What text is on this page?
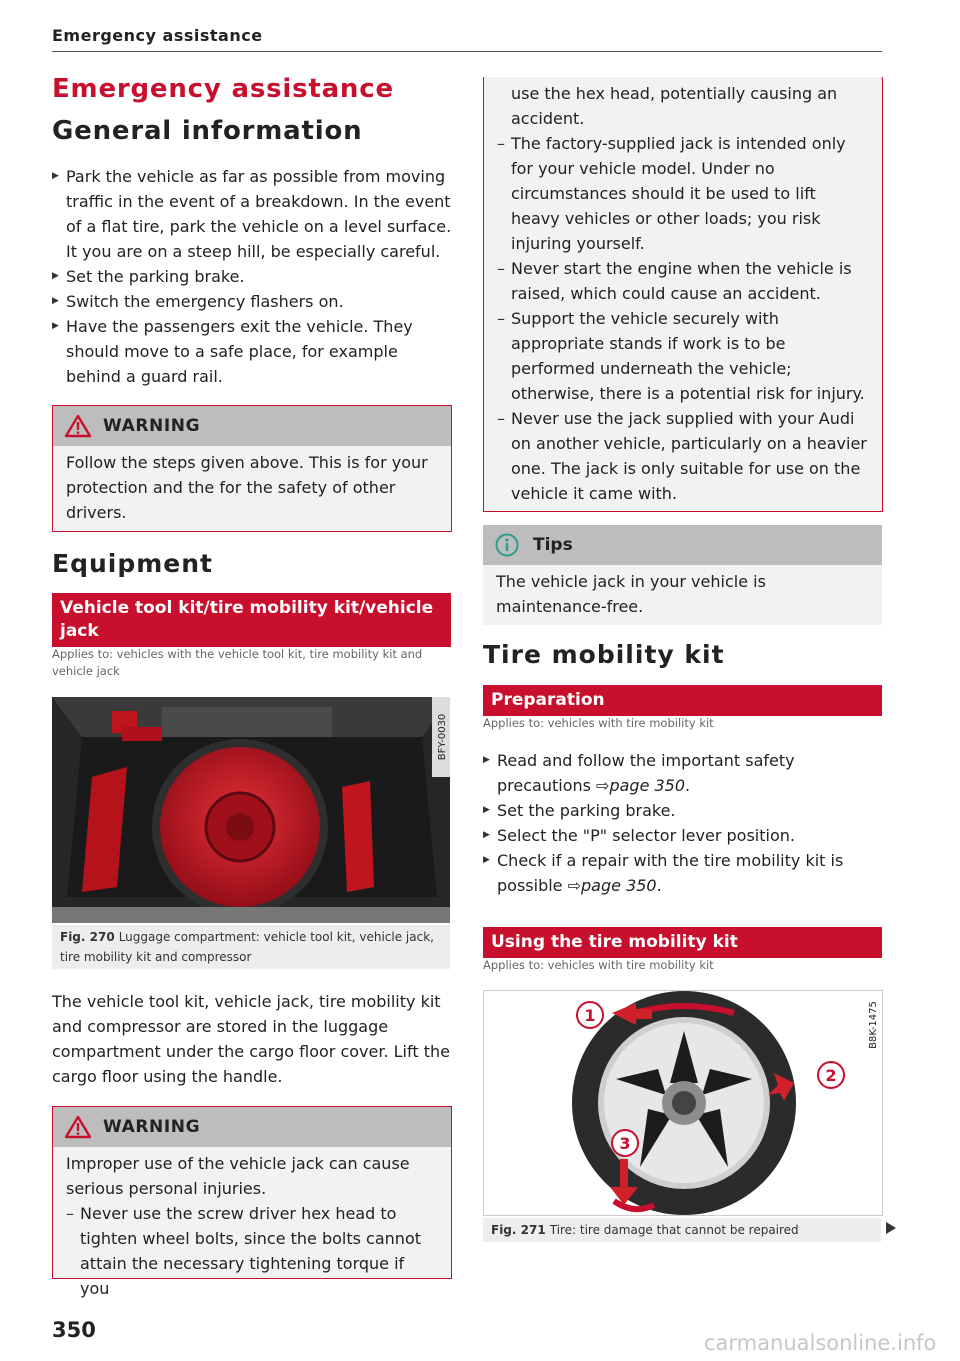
Emergency assistance
Emergency assistance
General information
▶ Park the vehicle as far as possible from moving traffic in the event of a breakdown. In the event of a flat tire, park the vehicle on a level surface. It you are on a steep hill, be especially careful.
▶ Set the parking brake.
▶ Switch the emergency flashers on.
▶ Have the passengers exit the vehicle. They should move to a safe place, for example behind a guard rail.
WARNING
Follow the steps given above. This is for your protection and the for the safety of other drivers.
Equipment
Vehicle tool kit/tire mobility kit/vehicle jack
Applies to: vehicles with the vehicle tool kit, tire mobility kit and vehicle jack
BFY-0030
Fig. 270 Luggage compartment: vehicle tool kit, vehicle jack, tire mobility kit and compressor
The vehicle tool kit, vehicle jack, tire mobility kit and compressor are stored in the luggage compartment under the cargo floor cover. Lift the cargo floor using the handle.
WARNING
Improper use of the vehicle jack can cause serious personal injuries.
– Never use the screw driver hex head to tighten wheel bolts, since the bolts cannot attain the necessary tightening torque if you
use the hex head, potentially causing an accident.
– The factory-supplied jack is intended only for your vehicle model. Under no circumstances should it be used to lift heavy vehicles or other loads; you risk injuring yourself.
– Never start the engine when the vehicle is raised, which could cause an accident.
– Support the vehicle securely with appropriate stands if work is to be performed underneath the vehicle; otherwise, there is a potential risk for injury.
– Never use the jack supplied with your Audi on another vehicle, particularly on a heavier one. The jack is only suitable for use on the vehicle it came with.
Tips
The vehicle jack in your vehicle is maintenance-free.
Tire mobility kit
Preparation
Applies to: vehicles with tire mobility kit
▶ Read and follow the important safety precautions ⇨page 350.
▶ Set the parking brake.
▶ Select the "P" selector lever position.
▶ Check if a repair with the tire mobility kit is possible ⇨page 350.
Using the tire mobility kit
Applies to: vehicles with tire mobility kit
1
2
3
B8K-1475
Fig. 271 Tire: tire damage that cannot be repaired
350
carmanualsonline.info
